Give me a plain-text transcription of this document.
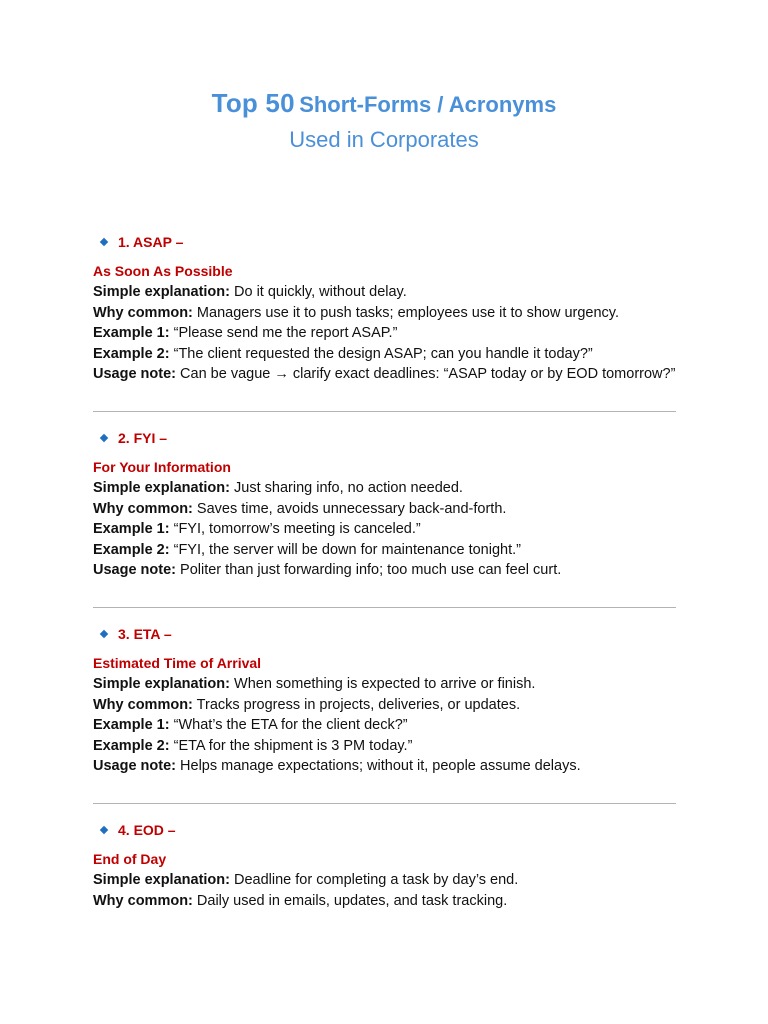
Top 50 Short-Forms / Acronyms
Used in Corporates
1. ASAP –
As Soon As Possible
Simple explanation: Do it quickly, without delay.
Why common: Managers use it to push tasks; employees use it to show urgency.
Example 1: “Please send me the report ASAP.”
Example 2: “The client requested the design ASAP; can you handle it today?”
Usage note: Can be vague → clarify exact deadlines: “ASAP today or by EOD tomorrow?”
2. FYI –
For Your Information
Simple explanation: Just sharing info, no action needed.
Why common: Saves time, avoids unnecessary back-and-forth.
Example 1: “FYI, tomorrow’s meeting is canceled.”
Example 2: “FYI, the server will be down for maintenance tonight.”
Usage note: Politer than just forwarding info; too much use can feel curt.
3. ETA –
Estimated Time of Arrival
Simple explanation: When something is expected to arrive or finish.
Why common: Tracks progress in projects, deliveries, or updates.
Example 1: “What’s the ETA for the client deck?”
Example 2: “ETA for the shipment is 3 PM today.”
Usage note: Helps manage expectations; without it, people assume delays.
4. EOD –
End of Day
Simple explanation: Deadline for completing a task by day’s end.
Why common: Daily used in emails, updates, and task tracking.
